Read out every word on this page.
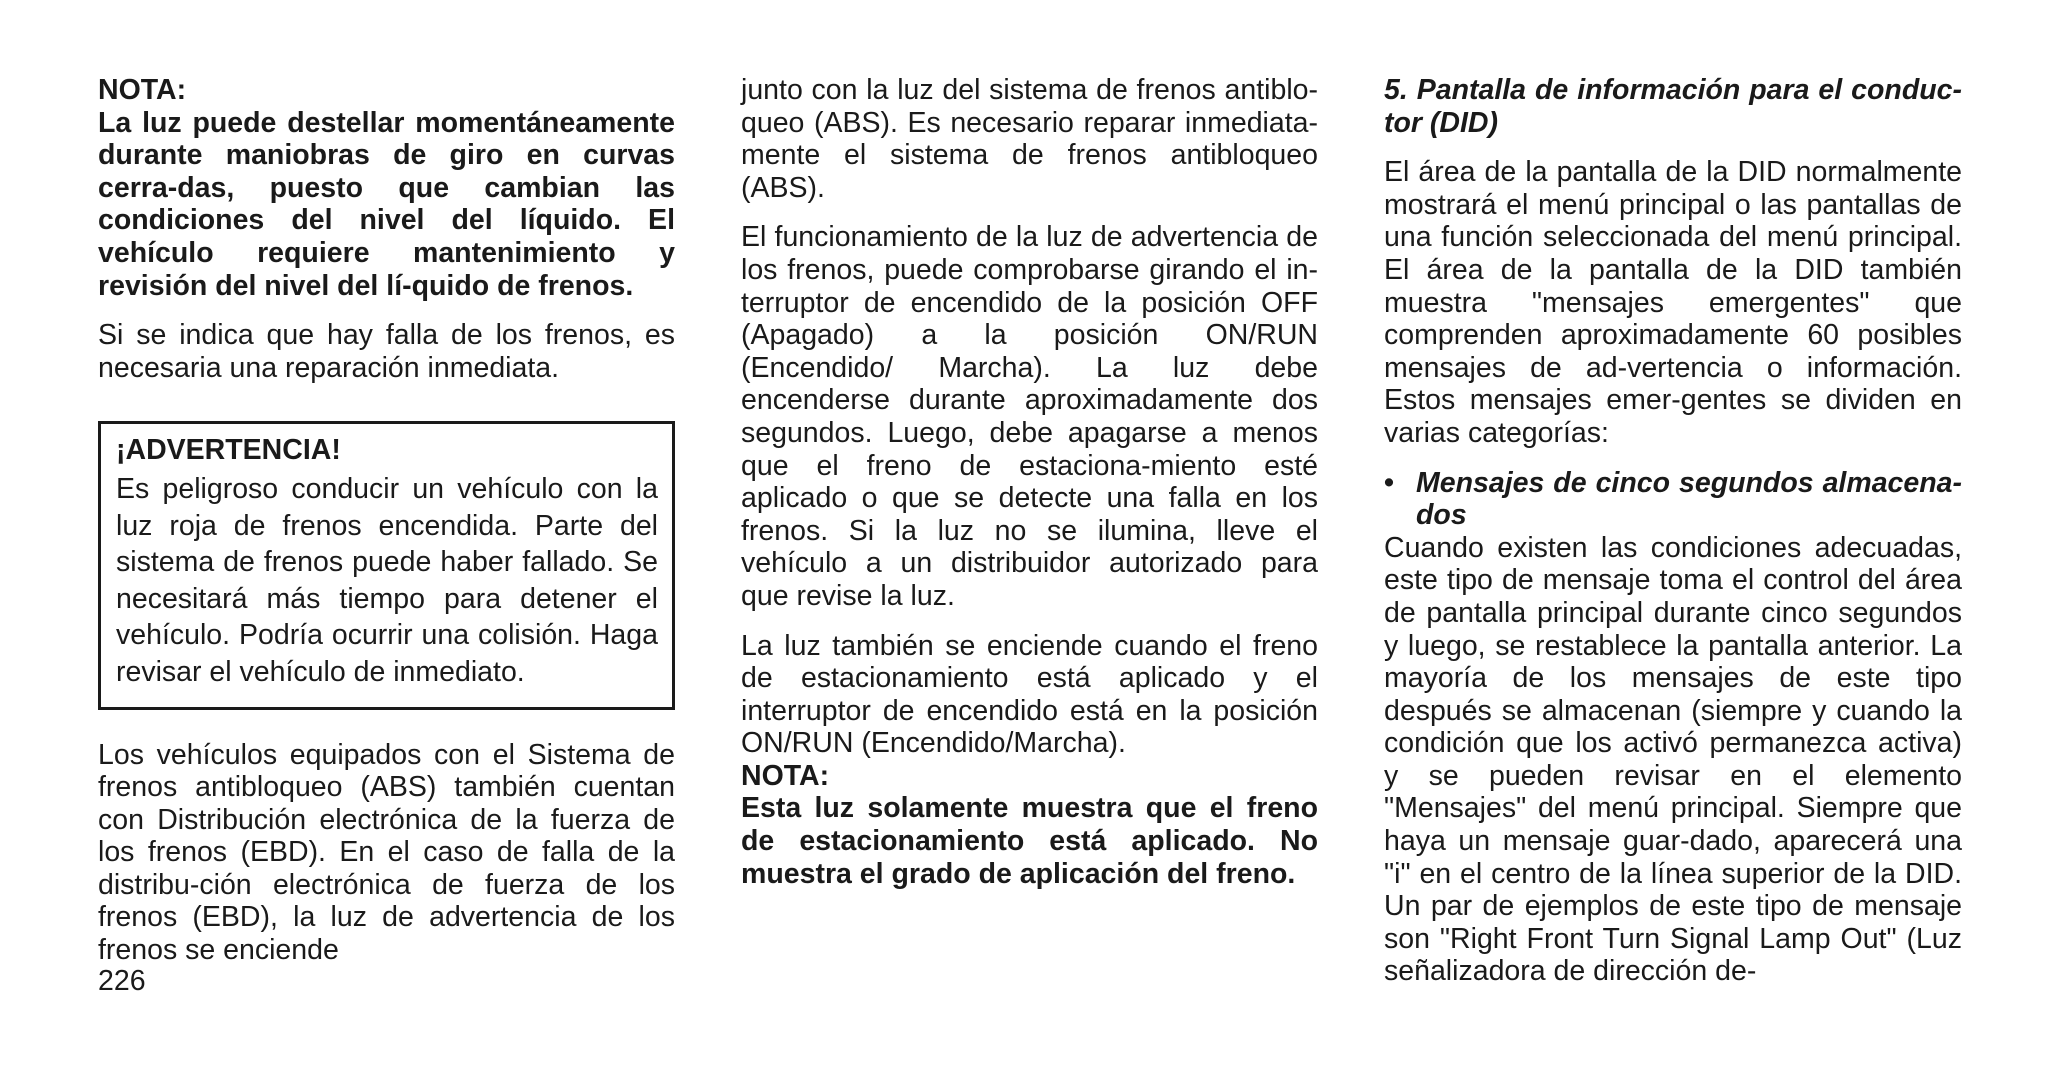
NOTA:

La luz puede destellar momentáneamente durante maniobras de giro en curvas cerra-das, puesto que cambian las condiciones del nivel del líquido. El vehículo requiere mantenimiento y revisión del nivel del lí-quido de frenos.

Si se indica que hay falla de los frenos, es necesaria una reparación inmediata.

¡ADVERTENCIA!

Es peligroso conducir un vehículo con la luz roja de frenos encendida. Parte del sistema de frenos puede haber fallado. Se necesitará más tiempo para detener el vehículo. Podría ocurrir una colisión. Haga revisar el vehículo de inmediato.

Los vehículos equipados con el Sistema de frenos antibloqueo (ABS) también cuentan con Distribución electrónica de la fuerza de los frenos (EBD). En el caso de falla de la distribu-ción electrónica de fuerza de los frenos (EBD), la luz de advertencia de los frenos se enciende

junto con la luz del sistema de frenos antiblo-queo (ABS). Es necesario reparar inmediata-mente el sistema de frenos antibloqueo (ABS).

El funcionamiento de la luz de advertencia de los frenos, puede comprobarse girando el in-terruptor de encendido de la posición OFF (Apagado) a la posición ON/RUN (Encendido/ Marcha). La luz debe encenderse durante aproximadamente dos segundos. Luego, debe apagarse a menos que el freno de estaciona-miento esté aplicado o que se detecte una falla en los frenos. Si la luz no se ilumina, lleve el vehículo a un distribuidor autorizado para que revise la luz.

La luz también se enciende cuando el freno de estacionamiento está aplicado y el interruptor de encendido está en la posición ON/RUN (Encendido/Marcha).

NOTA:

Esta luz solamente muestra que el freno de estacionamiento está aplicado. No muestra el grado de aplicación del freno.

5. Pantalla de información para el conduc-tor (DID)

El área de la pantalla de la DID normalmente mostrará el menú principal o las pantallas de una función seleccionada del menú principal. El área de la pantalla de la DID también muestra "mensajes emergentes" que comprenden aproximadamente 60 posibles mensajes de ad-vertencia o información. Estos mensajes emer-gentes se dividen en varias categorías:

• Mensajes de cinco segundos almacena-dos

Cuando existen las condiciones adecuadas, este tipo de mensaje toma el control del área de pantalla principal durante cinco segundos y luego, se restablece la pantalla anterior. La mayoría de los mensajes de este tipo después se almacenan (siempre y cuando la condición que los activó permanezca activa) y se pueden revisar en el elemento "Mensajes" del menú principal. Siempre que haya un mensaje guar-dado, aparecerá una "i" en el centro de la línea superior de la DID. Un par de ejemplos de este tipo de mensaje son "Right Front Turn Signal Lamp Out" (Luz señalizadora de dirección de-

226
